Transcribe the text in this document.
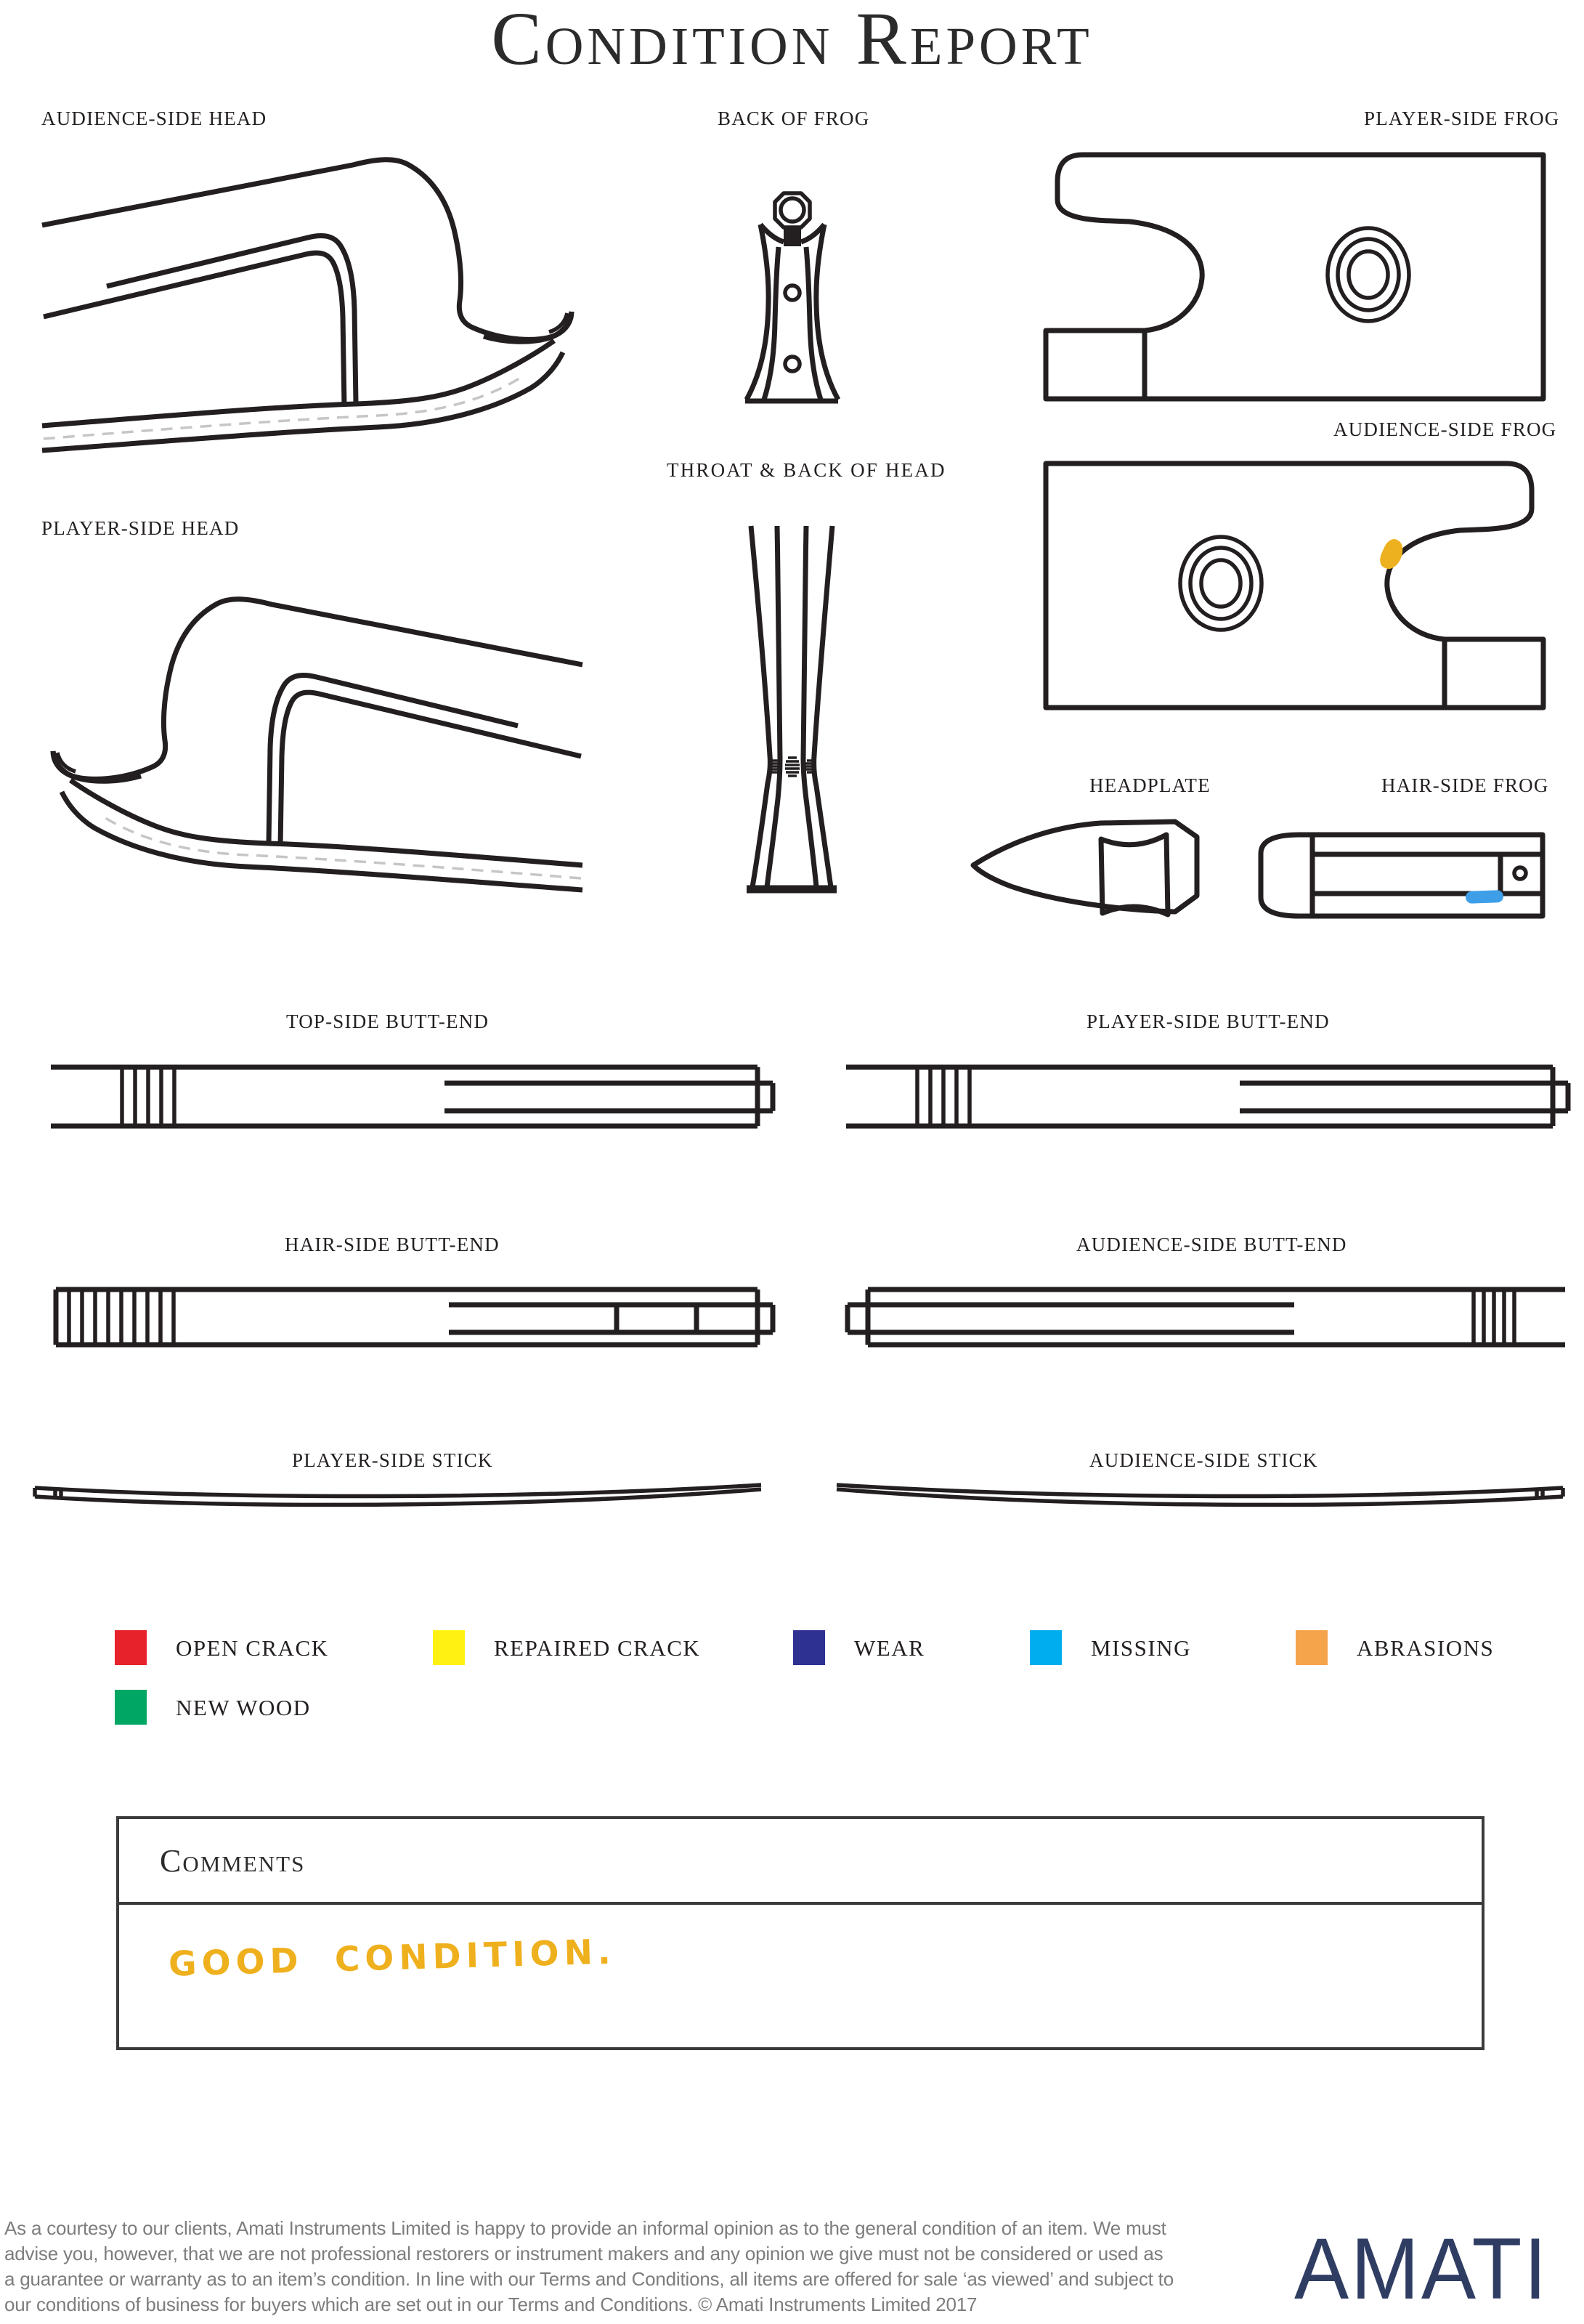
Condition Report
AUDIENCE-SIDE HEAD	BACK OF FROG	PLAYER-SIDE FROG
AUDIENCE-SIDE FROG
PLAYER-SIDE HEAD
THROAT & BACK OF HEAD
HEADPLATE	HAIR-SIDE FROG
TOP-SIDE BUTT-END	PLAYER-SIDE BUTT-END
HAIR-SIDE BUTT-END	AUDIENCE-SIDE BUTT-END
PLAYER-SIDE STICK	AUDIENCE-SIDE STICK
OPEN CRACK	REPAIRED CRACK	WEAR	MISSING	ABRASIONS
NEW WOOD
Comments
GOOD CONDITION.
As a courtesy to our clients, Amati Instruments Limited is happy to provide an informal opinion as to the general condition of an item. We must
advise you, however, that we are not professional restorers or instrument makers and any opinion we give must not be considered or used as
a guarantee or warranty as to an item’s condition. In line with our Terms and Conditions, all items are offered for sale ‘as viewed’ and subject to
our conditions of business for buyers which are set out in our Terms and Conditions. © Amati Instruments Limited 2017	AMATI
